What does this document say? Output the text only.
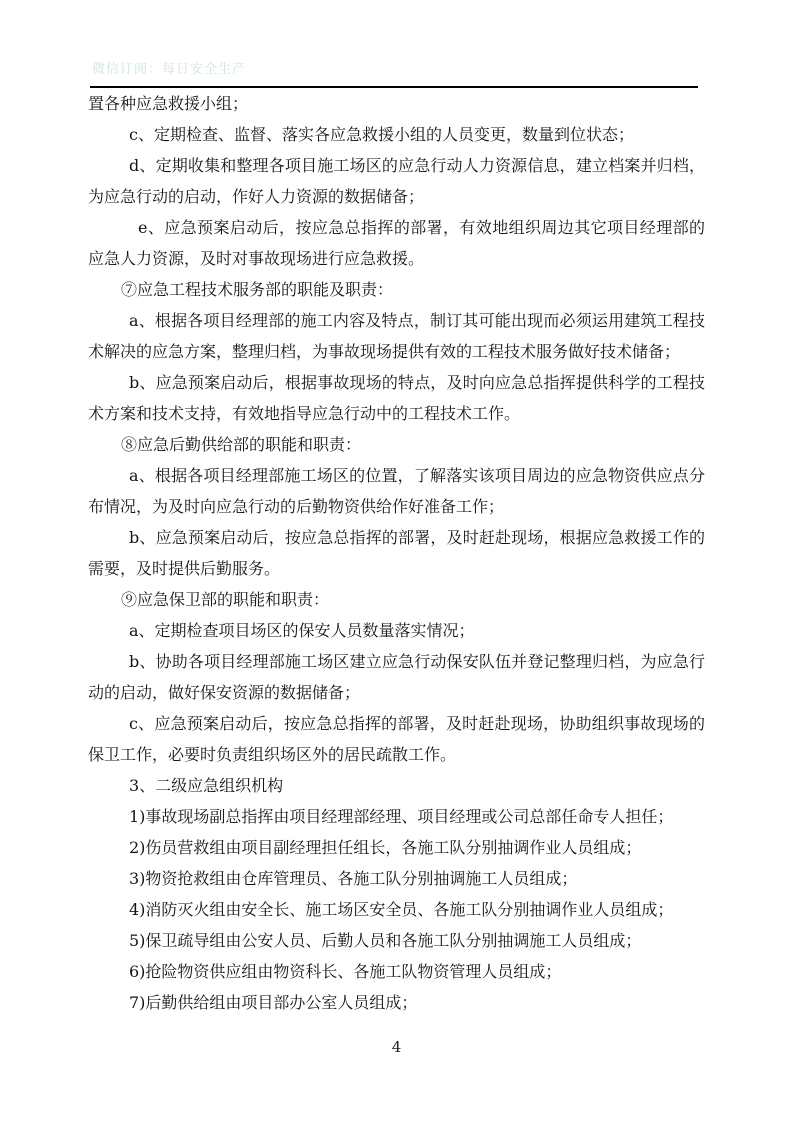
微信订阅：每日安全生产

置各种应急救援小组；

c、定期检查、监督、落实各应急救援小组的人员变更，数量到位状态；

d、定期收集和整理各项目施工场区的应急行动人力资源信息，建立档案并归档，为应急行动的启动，作好人力资源的数据储备；

e、应急预案启动后，按应急总指挥的部署，有效地组织周边其它项目经理部的应急人力资源，及时对事故现场进行应急救援。

⑦应急工程技术服务部的职能及职责：

a、根据各项目经理部的施工内容及特点，制订其可能出现而必须运用建筑工程技术解决的应急方案，整理归档，为事故现场提供有效的工程技术服务做好技术储备；

b、应急预案启动后，根据事故现场的特点，及时向应急总指挥提供科学的工程技术方案和技术支持，有效地指导应急行动中的工程技术工作。

⑧应急后勤供给部的职能和职责：

a、根据各项目经理部施工场区的位置，了解落实该项目周边的应急物资供应点分布情况，为及时向应急行动的后勤物资供给作好准备工作；

b、应急预案启动后，按应急总指挥的部署，及时赶赴现场，根据应急救援工作的需要，及时提供后勤服务。

⑨应急保卫部的职能和职责：

a、定期检查项目场区的保安人员数量落实情况；

b、协助各项目经理部施工场区建立应急行动保安队伍并登记整理归档，为应急行动的启动，做好保安资源的数据储备；

c、应急预案启动后，按应急总指挥的部署，及时赶赴现场，协助组织事故现场的保卫工作，必要时负责组织场区外的居民疏散工作。

3、二级应急组织机构

1)事故现场副总指挥由项目经理部经理、项目经理或公司总部任命专人担任；

2)伤员营救组由项目副经理担任组长，各施工队分别抽调作业人员组成；

3)物资抢救组由仓库管理员、各施工队分别抽调施工人员组成；

4)消防灭火组由安全长、施工场区安全员、各施工队分别抽调作业人员组成；

5)保卫疏导组由公安人员、后勤人员和各施工队分别抽调施工人员组成；

6)抢险物资供应组由物资科长、各施工队物资管理人员组成；

7)后勤供给组由项目部办公室人员组成；

4
